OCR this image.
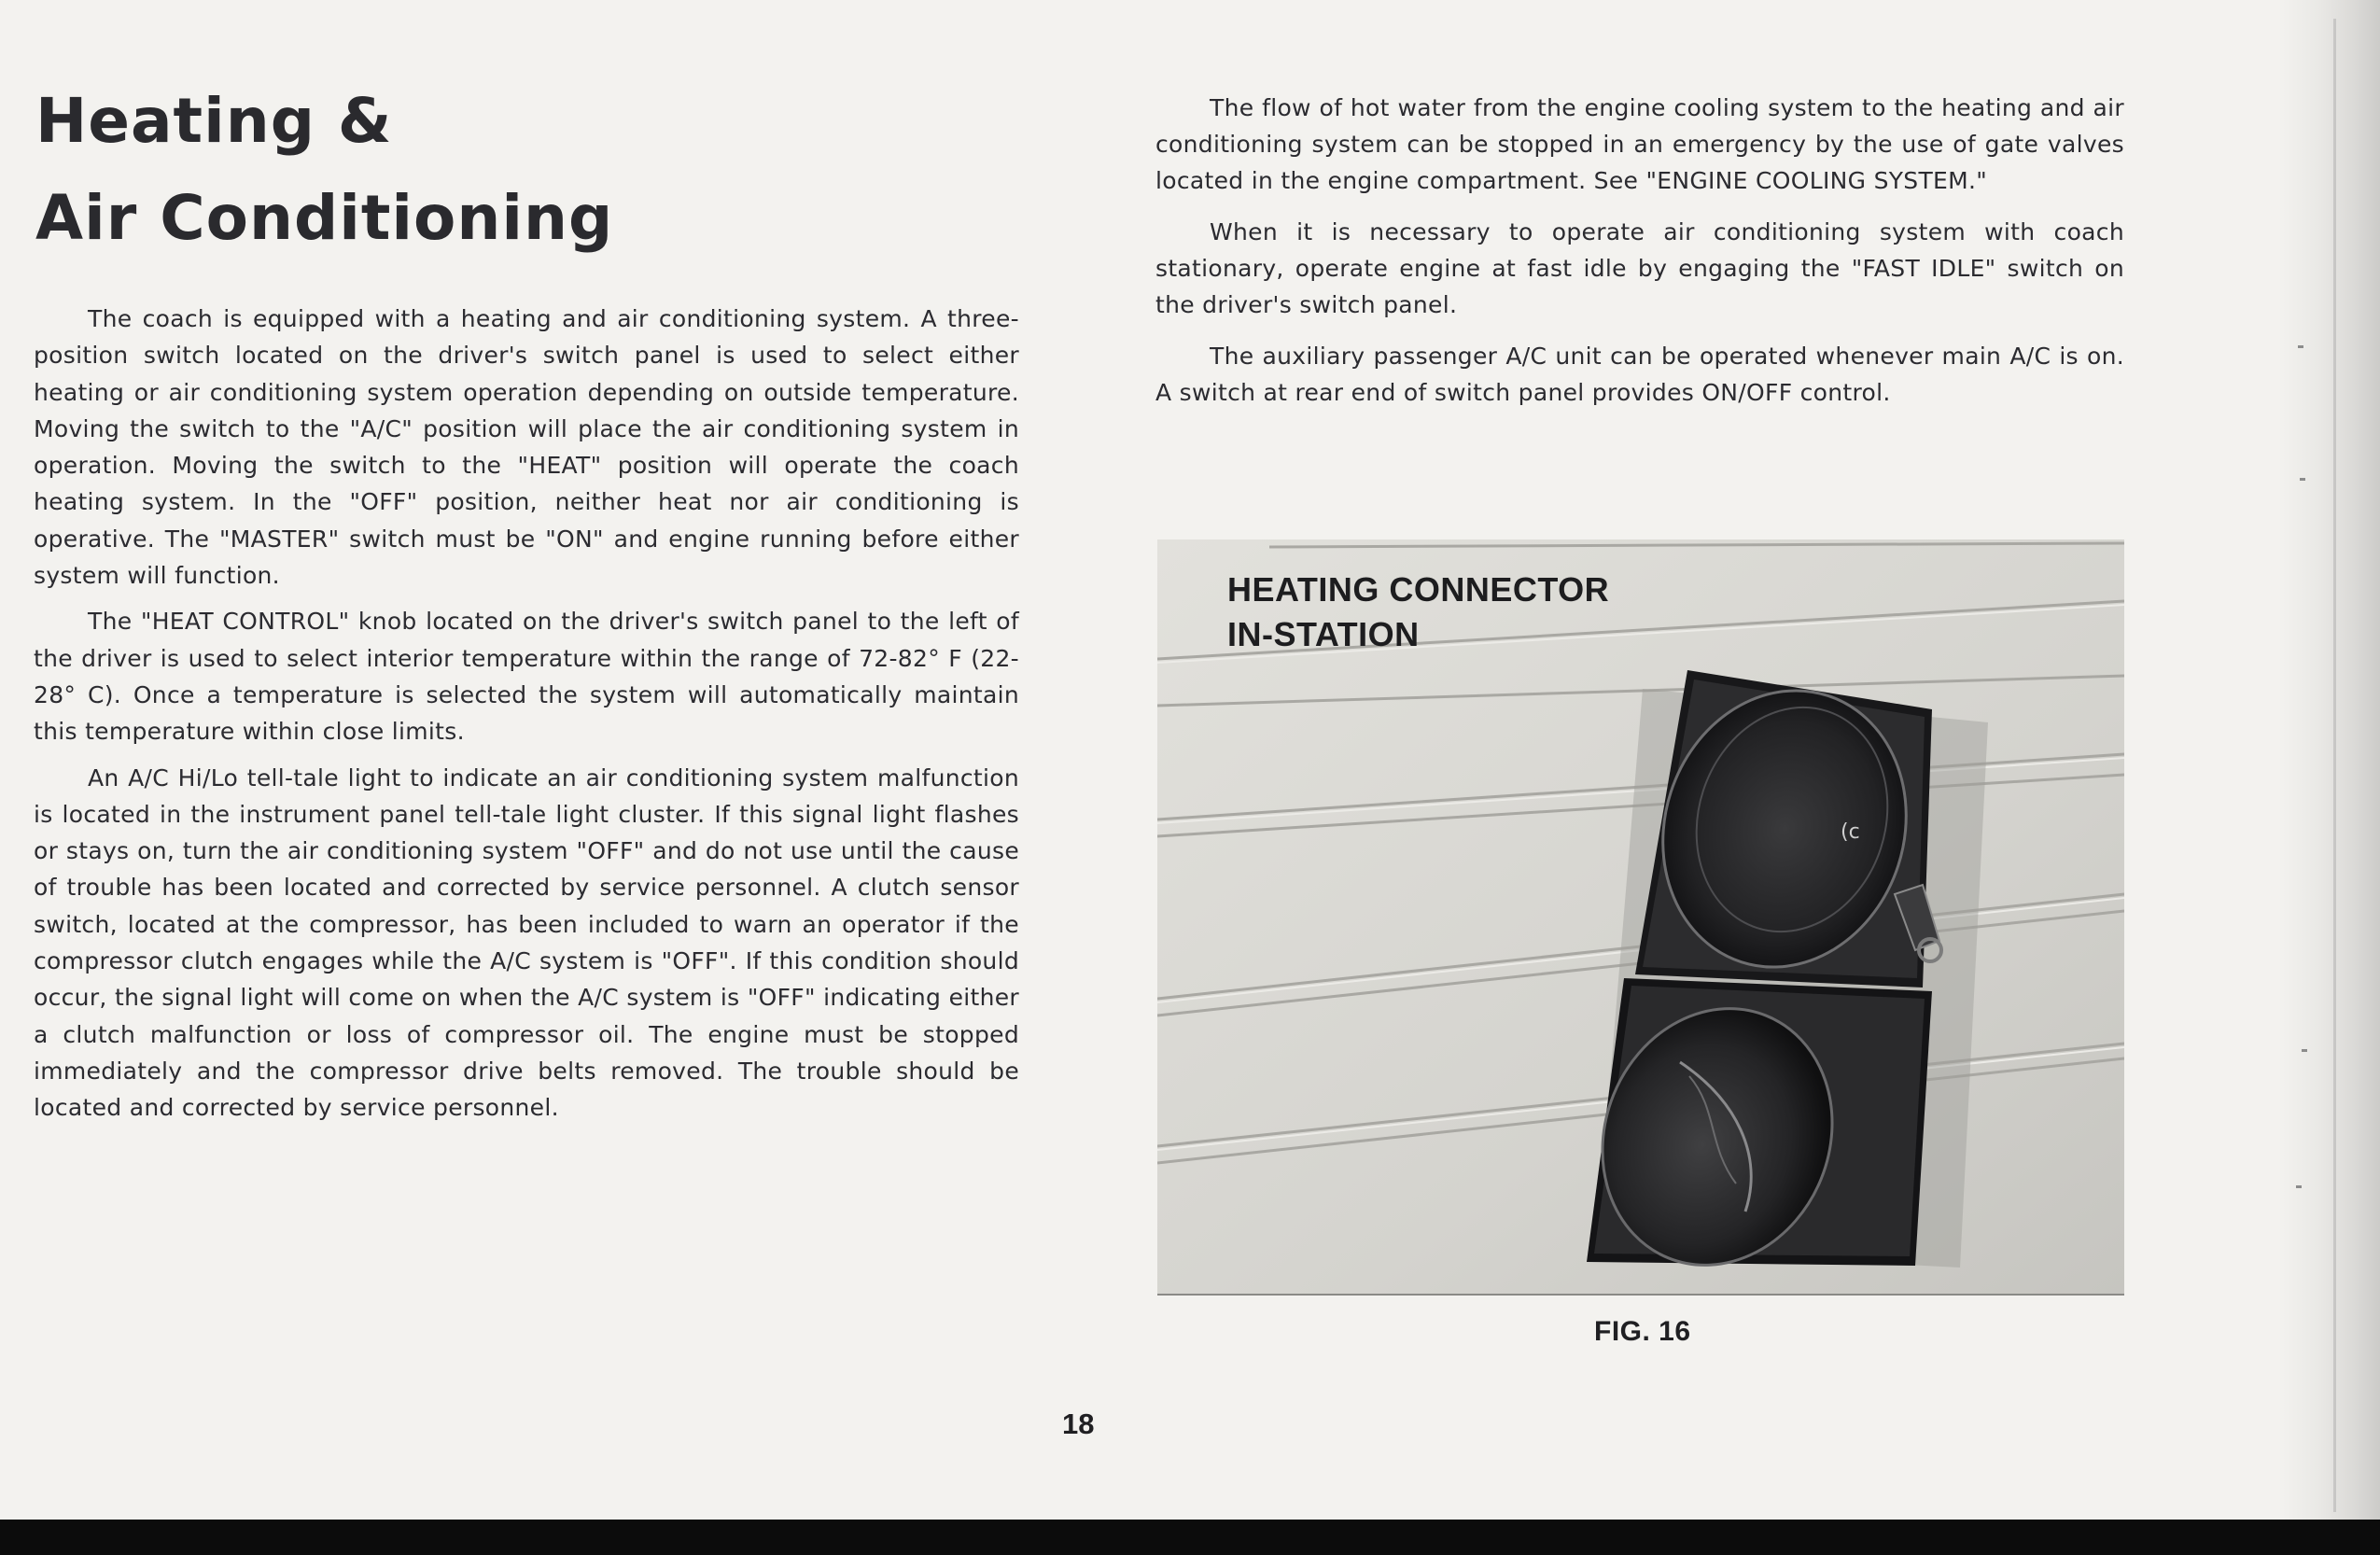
Heating &
Air Conditioning

The coach is equipped with a heating and air conditioning system. A three-position switch located on the driver's switch panel is used to select either heating or air conditioning system operation depending on outside temperature. Moving the switch to the "A/C" position will place the air conditioning system in operation. Moving the switch to the "HEAT" position will operate the coach heating system. In the "OFF" position, neither heat nor air conditioning is operative. The "MASTER" switch must be "ON" and engine running before either system will function.

The "HEAT CONTROL" knob located on the driver's switch panel to the left of the driver is used to select interior temperature within the range of 72-82° F (22-28° C). Once a temperature is selected the system will automatically maintain this temperature within close limits.

An A/C Hi/Lo tell-tale light to indicate an air conditioning system malfunction is located in the instrument panel tell-tale light cluster. If this signal light flashes or stays on, turn the air conditioning system "OFF" and do not use until the cause of trouble has been located and corrected by service personnel. A clutch sensor switch, located at the compressor, has been included to warn an operator if the compressor clutch engages while the A/C system is "OFF". If this condition should occur, the signal light will come on when the A/C system is "OFF" indicating either a clutch malfunction or loss of compressor oil. The engine must be stopped immediately and the compressor drive belts removed. The trouble should be located and corrected by service personnel.

The flow of hot water from the engine cooling system to the heating and air conditioning system can be stopped in an emergency by the use of gate valves located in the engine compartment. See "ENGINE COOLING SYSTEM."

When it is necessary to operate air conditioning system with coach stationary, operate engine at fast idle by engaging the "FAST IDLE" switch on the driver's switch panel.

The auxiliary passenger A/C unit can be operated whenever main A/C is on. A switch at rear end of switch panel provides ON/OFF control.

(c

HEATING CONNECTOR
IN-STATION

FIG. 16
18
